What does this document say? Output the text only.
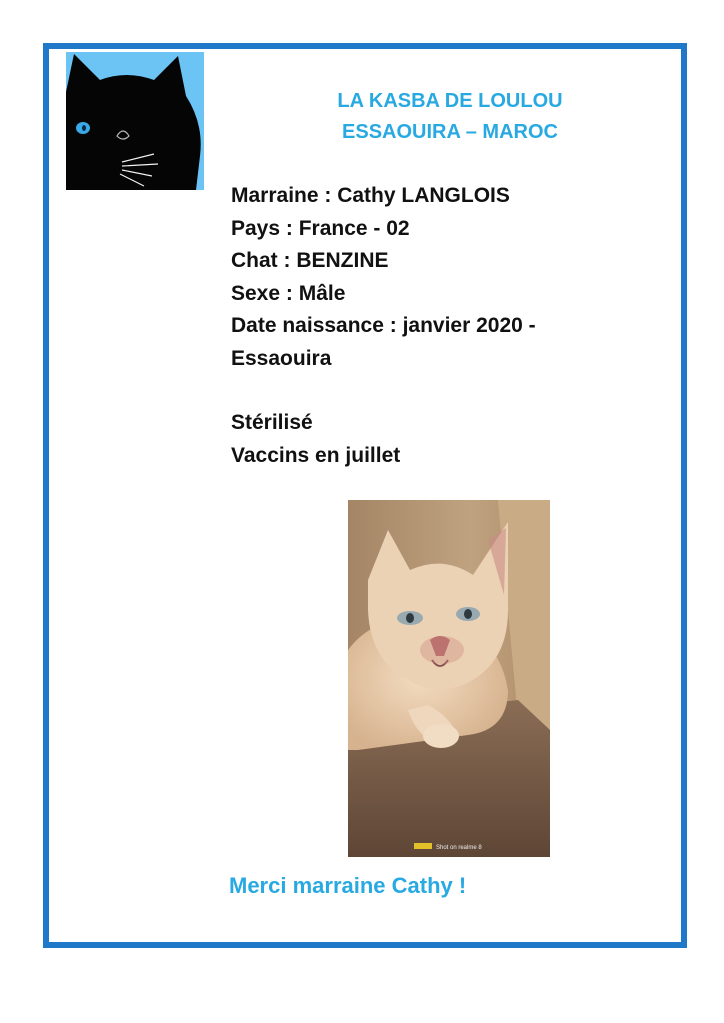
LA KASBA DE LOULOU
ESSAOUIRA – MAROC
Marraine : Cathy LANGLOIS
Pays : France - 02
Chat : BENZINE
Sexe : Mâle
Date naissance : janvier 2020 -
Essaouira
Stérilisé
Vaccins en juillet
Shot on realme 8
Merci marraine Cathy !
